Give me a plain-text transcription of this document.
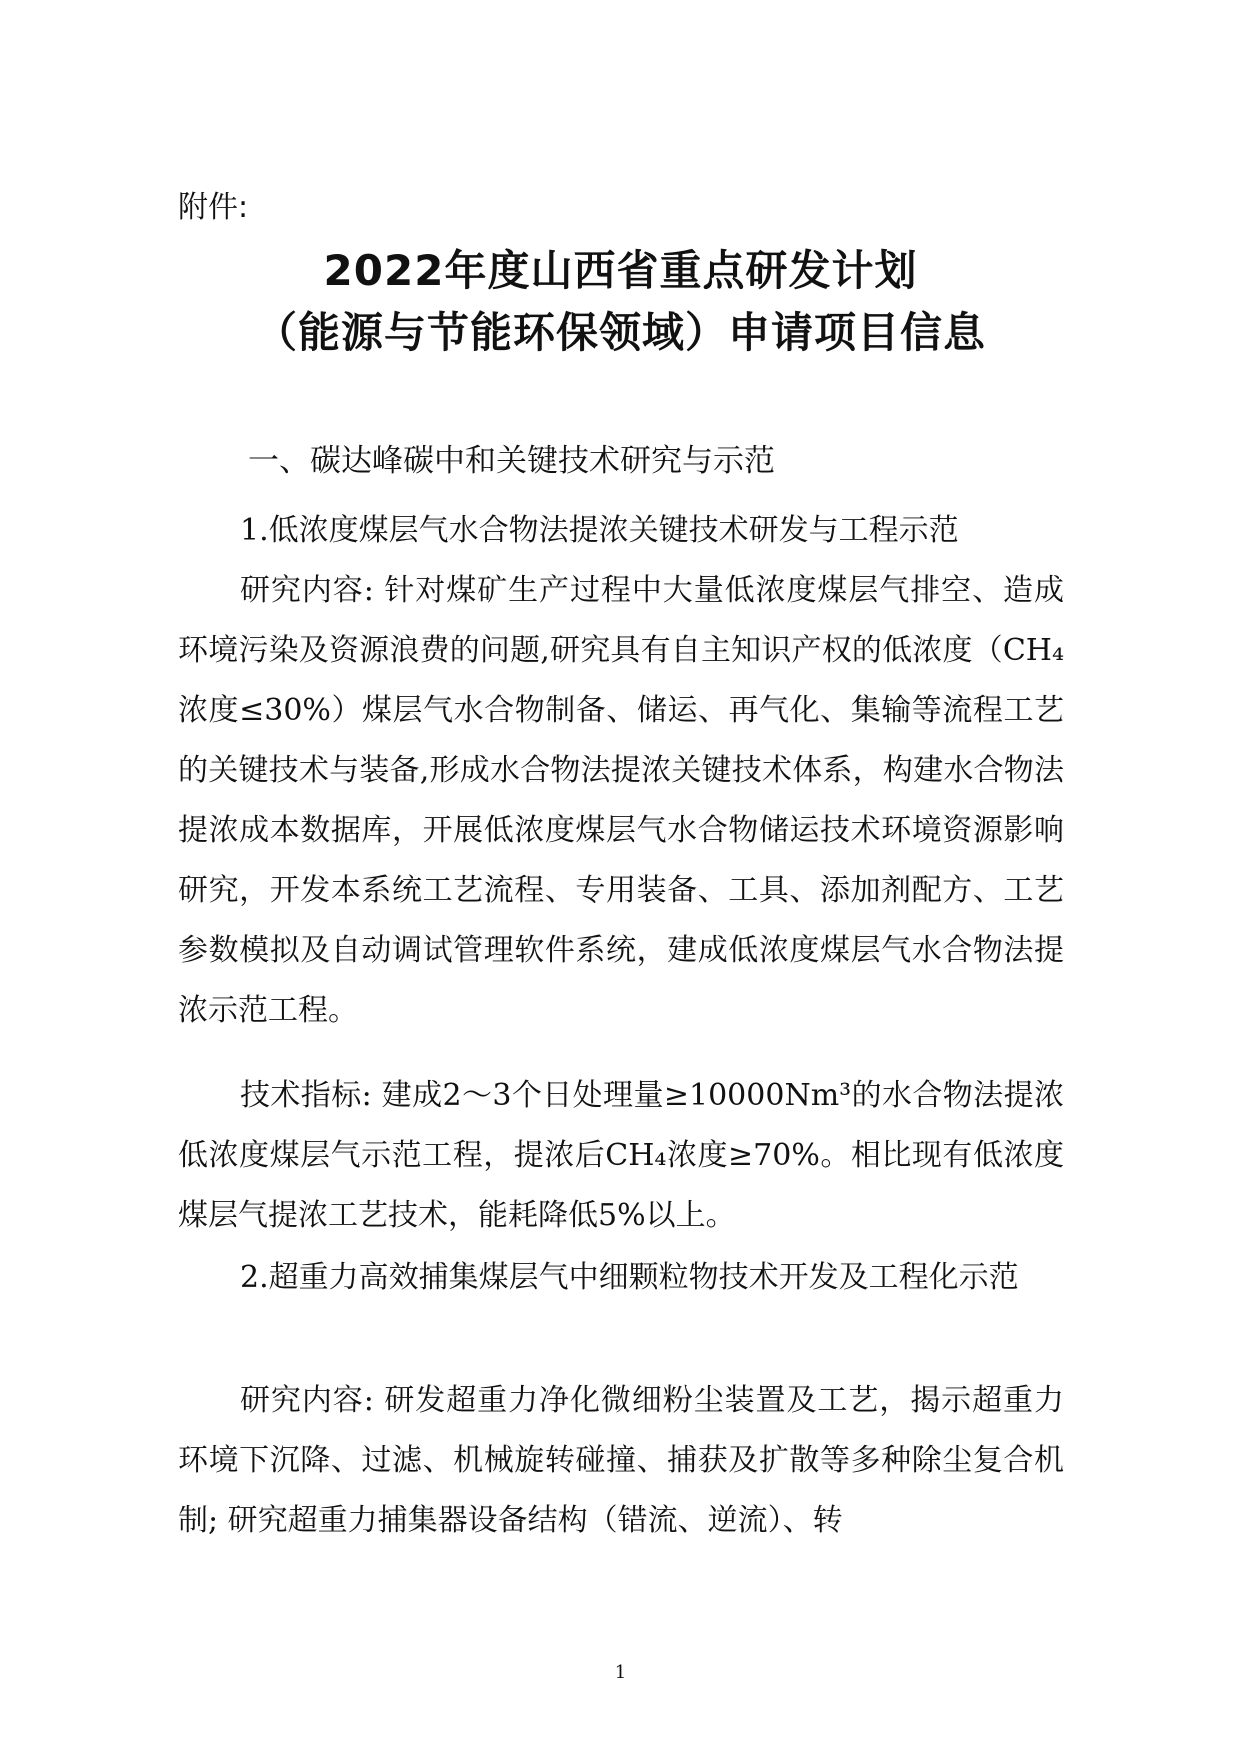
附件:
2022年度山西省重点研发计划
（能源与节能环保领域）申请项目信息
一、碳达峰碳中和关键技术研究与示范
1.低浓度煤层气水合物法提浓关键技术研发与工程示范
研究内容: 针对煤矿生产过程中大量低浓度煤层气排空、造成环境污染及资源浪费的问题,研究具有自主知识产权的低浓度（CH₄浓度≤30%）煤层气水合物制备、储运、再气化、集输等流程工艺的关键技术与装备,形成水合物法提浓关键技术体系，构建水合物法提浓成本数据库，开展低浓度煤层气水合物储运技术环境资源影响研究，开发本系统工艺流程、专用装备、工具、添加剂配方、工艺参数模拟及自动调试管理软件系统，建成低浓度煤层气水合物法提浓示范工程。
技术指标: 建成2～3个日处理量≥10000Nm³的水合物法提浓低浓度煤层气示范工程，提浓后CH₄浓度≥70%。相比现有低浓度煤层气提浓工艺技术，能耗降低5%以上。
2.超重力高效捕集煤层气中细颗粒物技术开发及工程化示范
研究内容: 研发超重力净化微细粉尘装置及工艺，揭示超重力环境下沉降、过滤、机械旋转碰撞、捕获及扩散等多种除尘复合机制; 研究超重力捕集器设备结构（错流、逆流）、转
1
